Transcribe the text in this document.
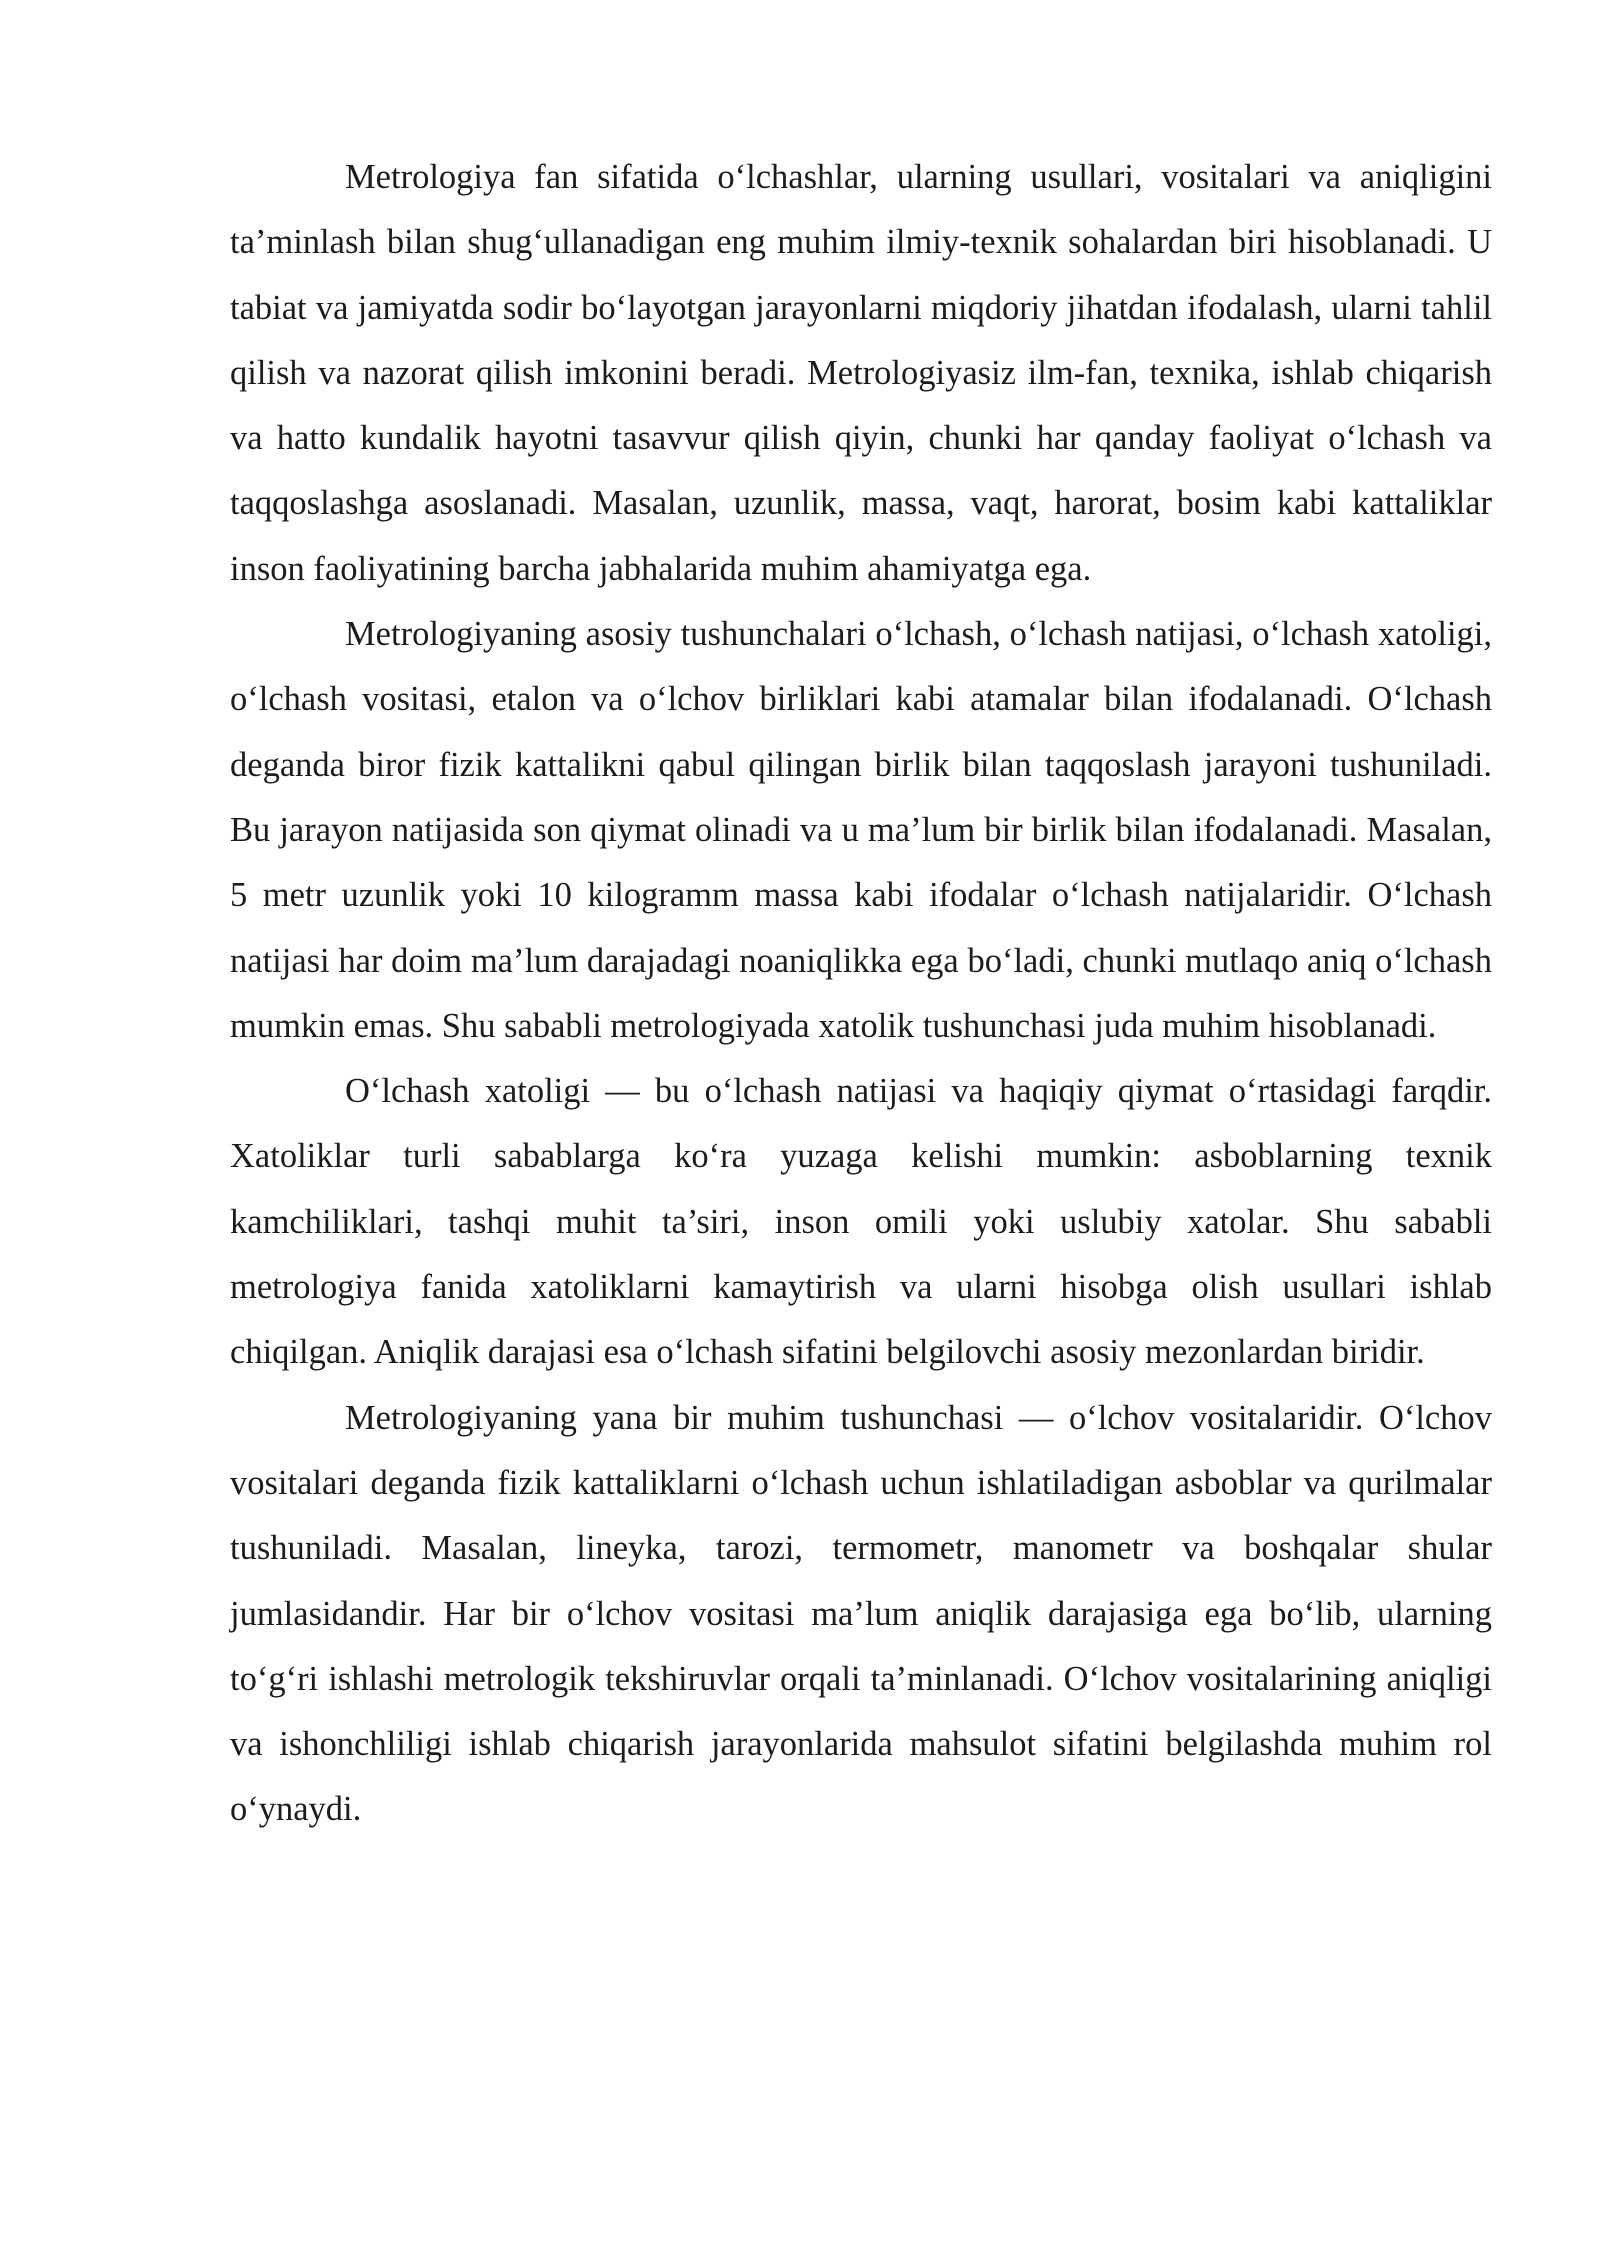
Metrologiya fan sifatida o‘lchashlar, ularning usullari, vositalari va aniqligini ta’minlash bilan shug‘ullanadigan eng muhim ilmiy-texnik sohalardan biri hisoblanadi. U tabiat va jamiyatda sodir bo‘layotgan jarayonlarni miqdoriy jihatdan ifodalash, ularni tahlil qilish va nazorat qilish imkonini beradi. Metrologiyasiz ilm-fan, texnika, ishlab chiqarish va hatto kundalik hayotni tasavvur qilish qiyin, chunki har qanday faoliyat o‘lchash va taqqoslashga asoslanadi. Masalan, uzunlik, massa, vaqt, harorat, bosim kabi kattaliklar inson faoliyatining barcha jabhalarida muhim ahamiyatga ega.

Metrologiyaning asosiy tushunchalari o‘lchash, o‘lchash natijasi, o‘lchash xatoligi, o‘lchash vositasi, etalon va o‘lchov birliklari kabi atamalar bilan ifodalanadi. O‘lchash deganda biror fizik kattalikni qabul qilingan birlik bilan taqqoslash jarayoni tushuniladi. Bu jarayon natijasida son qiymat olinadi va u ma’lum bir birlik bilan ifodalanadi. Masalan, 5 metr uzunlik yoki 10 kilogramm massa kabi ifodalar o‘lchash natijalaridir. O‘lchash natijasi har doim ma’lum darajadagi noaniqlikka ega bo‘ladi, chunki mutlaqo aniq o‘lchash mumkin emas. Shu sababli metrologiyada xatolik tushunchasi juda muhim hisoblanadi.

O‘lchash xatoligi — bu o‘lchash natijasi va haqiqiy qiymat o‘rtasidagi farqdir. Xatoliklar turli sabablarga ko‘ra yuzaga kelishi mumkin: asboblarning texnik kamchiliklari, tashqi muhit ta’siri, inson omili yoki uslubiy xatolar. Shu sababli metrologiya fanida xatoliklarni kamaytirish va ularni hisobga olish usullari ishlab chiqilgan. Aniqlik darajasi esa o‘lchash sifatini belgilovchi asosiy mezonlardan biridir.

Metrologiyaning yana bir muhim tushunchasi — o‘lchov vositalaridir. O‘lchov vositalari deganda fizik kattaliklarni o‘lchash uchun ishlatiladigan asboblar va qurilmalar tushuniladi. Masalan, lineyka, tarozi, termometr, manometr va boshqalar shular jumlasidandir. Har bir o‘lchov vositasi ma’lum aniqlik darajasiga ega bo‘lib, ularning to‘g‘ri ishlashi metrologik tekshiruvlar orqali ta’minlanadi. O‘lchov vositalarining aniqligi va ishonchliligi ishlab chiqarish jarayonlarida mahsulot sifatini belgilashda muhim rol o‘ynaydi.
